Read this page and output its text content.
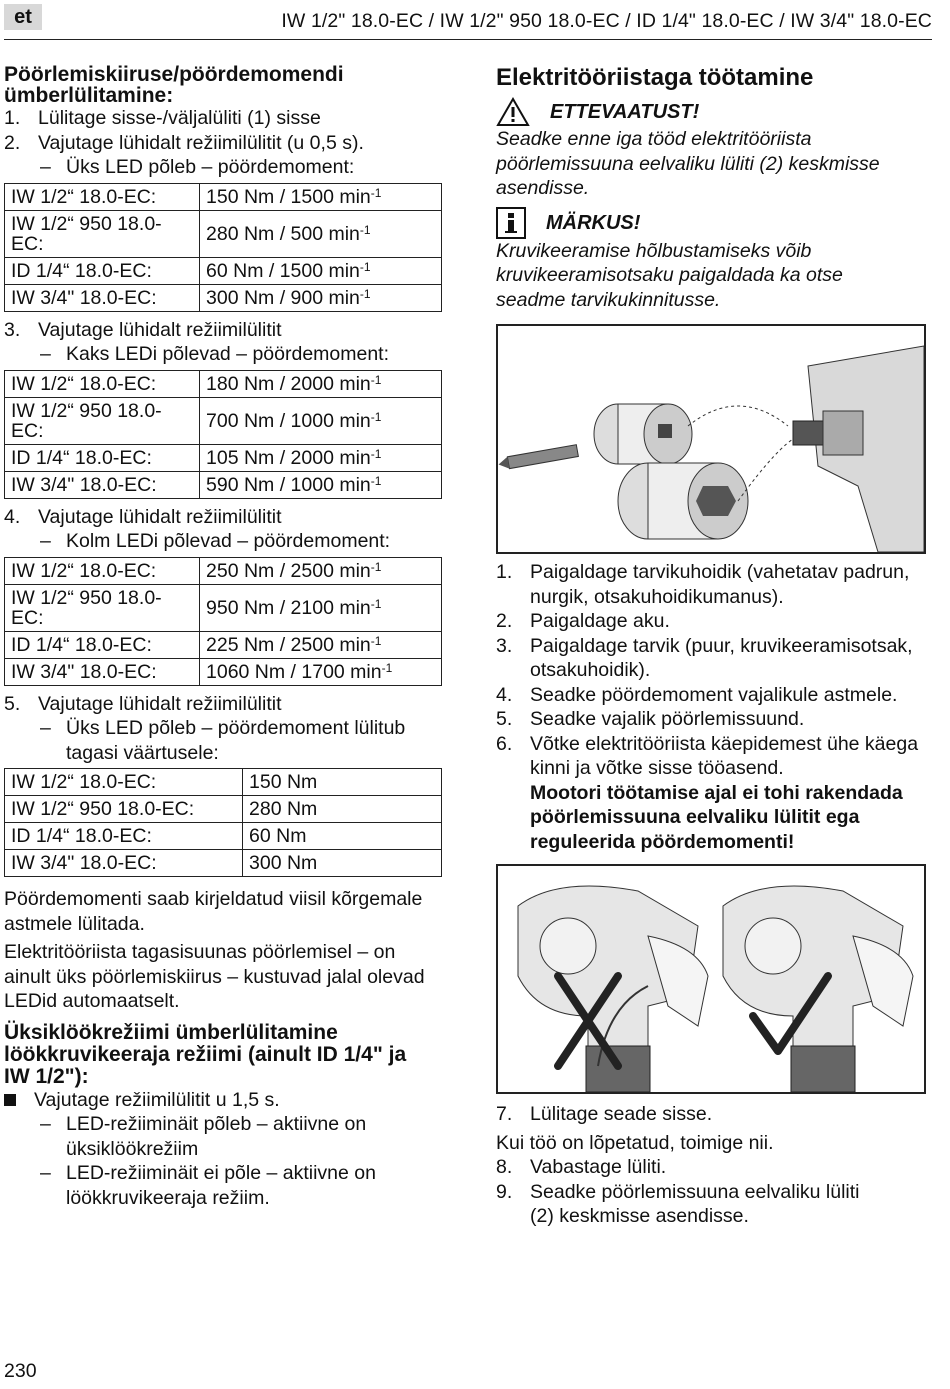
et	IW 1/2" 18.0-EC / IW 1/2" 950 18.0-EC / ID 1/4" 18.0-EC / IW 3/4" 18.0-EC

Pöörlemiskiiruse/pöördemomendi ümberlülitamine:

1. Lülitage sisse-/väljalüliti (1) sisse
2. Vajutage lühidalt režiimilülitit (u 0,5 s).
– Üks LED põleb – pöördemoment:
IW 1/2“ 18.0-EC:	150 Nm / 1500 $\min^{-1}$
IW 1/2“ 950 18.0-EC:	280 Nm / 500 $\min^{-1}$
ID 1/4“ 18.0-EC:	60 Nm / 1500 $\min^{-1}$
IW 3/4" 18.0-EC:	300 Nm / 900 $\min^{-1}$
3. Vajutage lühidalt režiimilülitit
– Kaks LEDi põlevad – pöördemoment:
IW 1/2“ 18.0-EC:	180 Nm / 2000 $\min^{-1}$
IW 1/2“ 950 18.0-EC:	700 Nm / 1000 $\min^{-1}$
ID 1/4“ 18.0-EC:	105 Nm / 2000 $\min^{-1}$
IW 3/4" 18.0-EC:	590 Nm / 1000 $\min^{-1}$
4. Vajutage lühidalt režiimilülitit
– Kolm LEDi põlevad – pöördemoment:
IW 1/2“ 18.0-EC:	250 Nm / 2500 $\min^{-1}$
IW 1/2“ 950 18.0-EC:	950 Nm / 2100 $\min^{-1}$
ID 1/4“ 18.0-EC:	225 Nm / 2500 $\min^{-1}$
IW 3/4" 18.0-EC:	1060 Nm / 1700 $\min^{-1}$
5. Vajutage lühidalt režiimilülitit
– Üks LED põleb – pöördemoment lülitub tagasi väärtusele:
IW 1/2“ 18.0-EC:	150 Nm
IW 1/2“ 950 18.0-EC:	280 Nm
ID 1/4“ 18.0-EC:	60 Nm
IW 3/4" 18.0-EC:	300 Nm

Pöördemomenti saab kirjeldatud viisil kõrgemale astmele lülitada.

Elektritööriista tagasisuunas pöörlemisel – on ainult üks pöörlemiskiirus – kustuvad jalal olevad LEDid automaatselt.

Üksiklöökrežiimi ümberlülitamine löökkruvikeeraja režiimi (ainult ID 1/4" ja IW 1/2"):

Vajutage režiimilülitit u 1,5 s.
– LED-režiiminäit põleb – aktiivne on üksiklöökrežiim
– LED-režiiminäit ei põle – aktiivne on löökkruvikeeraja režiim.

Elektritööriistaga töötamine

ETTEVAATUST!

Seadke enne iga tööd elektritööriista pöörlemissuuna eelvaliku lüliti (2) keskmisse asendisse.

MÄRKUS!

Kruvikeeramise hõlbustamiseks võib kruvikeeramisotsaku paigaldada ka otse seadme tarvikukinnitusse.

1. Paigaldage tarvikuhoidik (vahetatav padrun, nurgik, otsakuhoidikumanus).
2. Paigaldage aku.
3. Paigaldage tarvik (puur, kruvikeeramisotsak, otsakuhoidik).
4. Seadke pöördemoment vajalikule astmele.
5. Seadke vajalik pöörlemissuund.
6. Võtke elektritööriista käepidemest ühe käega kinni ja võtke sisse tööasend.
Mootori töötamise ajal ei tohi rakendada pöörlemissuuna eelvaliku lülitit ega reguleerida pöördemomenti!
7. Lülitage seade sisse.

Kui töö on lõpetatud, toimige nii.

8. Vabastage lüliti.
9. Seadke pöörlemissuuna eelvaliku lüliti (2) keskmisse asendisse.
230
